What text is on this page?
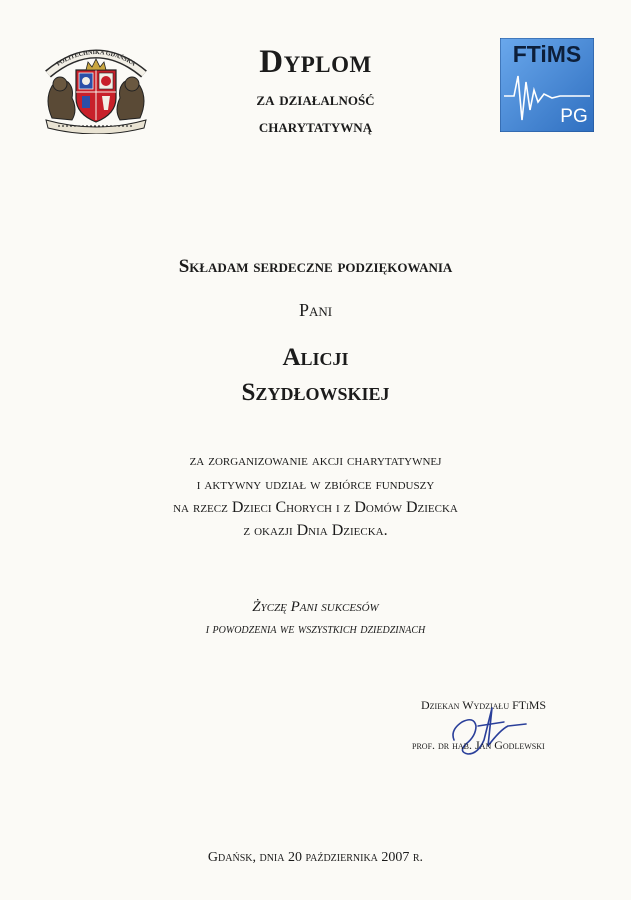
POLITECHNIKA GDAŃSKA	FTiMS
PG
Dyplom
za działalność
charytatywną
Składam serdeczne podziękowania
Pani
Alicji
Szydłowskiej
za zorganizowanie akcji charytatywnej
i aktywny udział w zbiórce funduszy
na rzecz Dzieci Chorych i z Domów Dziecka
z okazji Dnia Dziecka.
Życzę Pani sukcesów
i powodzenia we wszystkich dziedzinach
Dziekan Wydziału FTiMS
prof. dr hab. Jan Godlewski
Gdańsk, dnia 20 października 2007 r.
